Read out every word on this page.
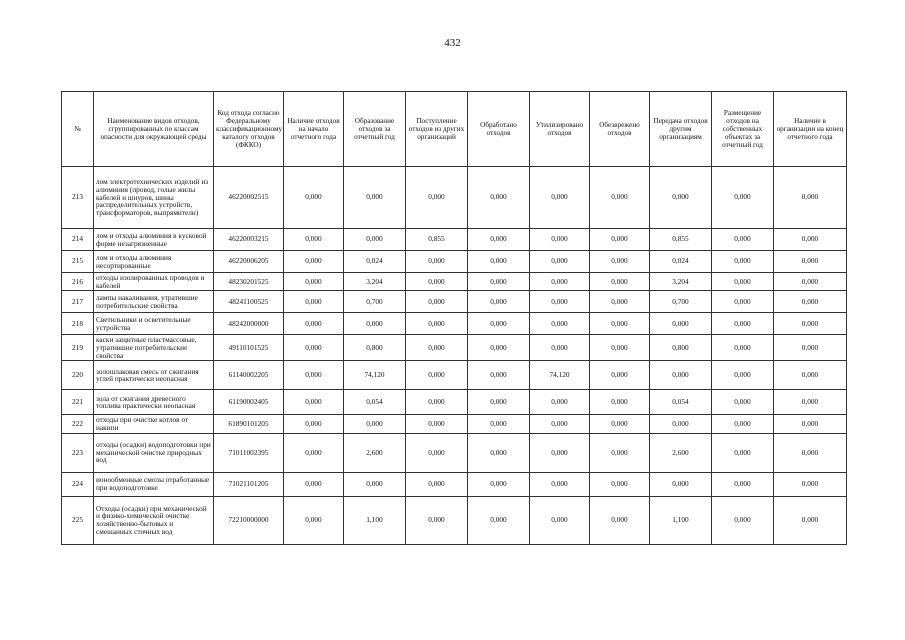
432
№	Наименование видов отходов, сгруппированных по классам опасности для окружающей среды	Код отхода согласно Федеральному классификационному каталогу отходов (ФККО)	Наличие отходов на начало отчетного года	Образование отходов за отчетный год	Поступление отходов из других организаций	Обработано отходов	Утилизировано отходов	Обезврежено отходов	Передача отходов другим организациям	Размещение отходов на собственных объектах за отчетный год	Наличие в организации на конец отчетного года
213	лом электротехнических изделий из алюминия (провод, голые жилы кабелей и шнуров, шины распределительных устройств, трансформаторов, выпрямители)	46220002515	0,000	0,000	0,000	0,000	0,000	0,000	0,000	0,000	0,000
214	лом и отходы алюминия в кусковой форме незагрязненные	46220003215	0,000	0,000	0,855	0,000	0,000	0,000	0,855	0,000	0,000
215	лом и отходы алюминия несортированные	46220006205	0,000	0,024	0,000	0,000	0,000	0,000	0,024	0,000	0,000
216	отходы изолированных проводов и кабелей	48230201525	0,000	3,204	0,000	0,000	0,000	0,000	3,204	0,000	0,000
217	лампы накаливания, утратившие потребительские свойства	48241100525	0,000	0,700	0,000	0,000	0,000	0,000	0,700	0,000	0,000
218	Светильники и осветительные устройства	48242000000	0,000	0,000	0,000	0,000	0,000	0,000	0,000	0,000	0,000
219	каски защитные пластмассовые, утратившие потребительские свойства	49110101525	0,000	0,800	0,000	0,000	0,000	0,000	0,800	0,000	0,000
220	золошлаковая смесь от сжигания углей практически неопасная	61140002205	0,000	74,120	0,000	0,000	74,120	0,000	0,000	0,000	0,000
221	зола от сжигания древесного топлива практически неопасная	61190002405	0,000	0,054	0,000	0,000	0,000	0,000	0,054	0,000	0,000
222	отходы при очистке котлов от накипи	61890101205	0,000	0,000	0,000	0,000	0,000	0,000	0,000	0,000	0,000
223	отходы (осадки) водоподготовки при механической очистке природных вод	71011002395	0,000	2,600	0,000	0,000	0,000	0,000	2,600	0,000	0,000
224	ионообменные смолы отработанные при водоподготовке	71021101205	0,000	0,000	0,000	0,000	0,000	0,000	0,000	0,000	0,000
225	Отходы (осадки) при механической и физико-химической очистке хозяйственно-бытовых и смешанных сточных вод	72210000000	0,000	1,100	0,000	0,000	0,000	0,000	1,100	0,000	0,000
